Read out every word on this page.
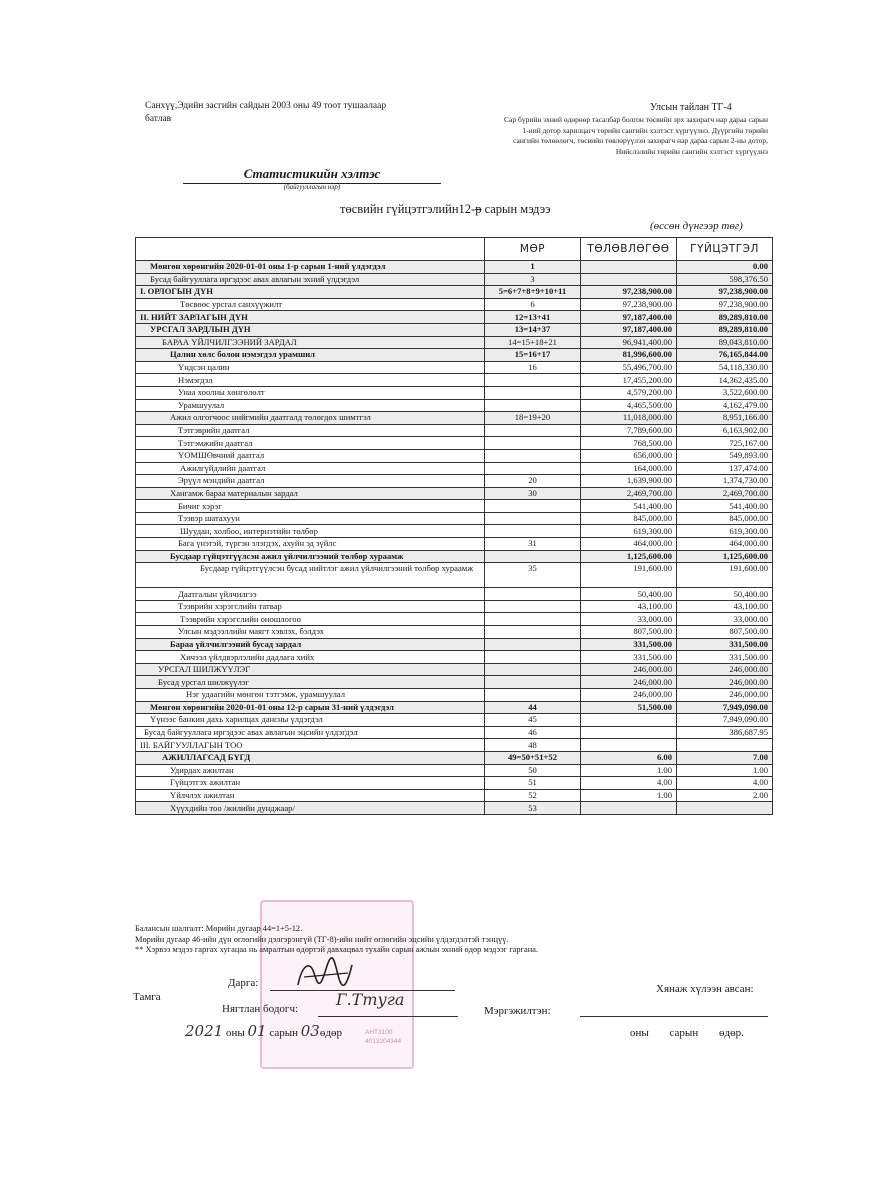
Санхүү,Эдийн засгийн сайдын 2003 оны 49 тоот тушаалаар
батлав
Улсын тайлан ТГ-4
Сар бүрийн эхний өдөрөөр тасалбар болгон төсвийн эрх захирагч нар дараа сарын
1-ний дотор харилцагч төрийн сангийн хэлтэст хүргүүлнэ. Дүүргийн төрийн
сангийн төлөөлөгч, төсвийн төвлөрүүлэн захирагч нар дараа сарын 2-ны дотор,
Нийслэлийн төрийн сангийн хэлтэст хүргүүлнэ
Статистикийн хэлтэс
(байгууллагын нэр)
төсвийн гүйцэтгэлийн12-р сарын мэдээ
(өссөн дүнгээр төг)
	МӨР	ТӨЛӨВЛӨГӨӨ	ГҮЙЦЭТГЭЛ
Мөнгөн хөрөнгийн 2020-01-01 оны 1-р сарын 1-ний үлдэгдэл	1		0.00
Бусад байгууллага иргэдээс авах авлагын эхний үлдэгдэл	3		598,376.50
I. ОРЛОГЫН ДҮН	5=6+7+8+9+10+11	97,238,900.00	97,238,900.00
Төсвөөс урсгал санхүүжилт	6	97,238,900.00	97,238,900.00
II. НИЙТ ЗАРЛАГЫН ДҮН	12=13+41	97,187,400.00	89,289,810.00
УРСГАЛ ЗАРДЛЫН ДҮН	13=14+37	97,187,400.00	89,289,810.00
БАРАА ҮЙЛЧИЛГЭЭНИЙ ЗАРДАЛ	14=15+18+21	96,941,400.00	89,043,810.00
Цалин хөлс болон нэмэгдэл урамшил	15=16+17	81,996,600.00	76,165,844.00
Үндсэн цалин	16	55,496,700.00	54,118,330.00
Нэмэгдэл		17,455,200.00	14,362,435.00
Унаа хоолны хөнгөлөлт		4,579,200.00	3,522,600.00
Урамшуулал		4,465,500.00	4,162,479.00
Ажил олгогчоос нийгмийн даатгалд төлөгдөх шимтгэл	18=19+20	11,018,000.00	8,951,166.00
Тэтгэврийн даатгал		7,789,600.00	6,163,902.00
Тэтгэмжийн даатгал		768,500.00	725,167.00
ҮОМШӨвчний даатгал		656,000.00	549,893.00
Ажилгүйдлийн даатгал		164,000.00	137,474.00
Эрүүл мэндийн даатгал	20	1,639,900.00	1,374,730.00
Хангамж бараа материалын зардал	30	2,469,700.00	2,469,700.00
Бичиг хэрэг		541,400.00	541,400.00
Тээвэр шатахуун		845,000.00	845,000.00
Шуудан, холбоо, интернэтийн төлбөр		619,300.00	619,300.00
Бага үнэтэй, түргэн элэгдэх, ахуйн эд зүйлс	31	464,000.00	464,000.00
Бусдаар гүйцэтгүүлсэн ажил үйлчилгээний төлбөр хураамж		1,125,600.00	1,125,600.00
Бусдаар гүйцэтгүүлсэн бусад нийтлэг ажил үйлчилгээний төлбөр хураамж	35	191,600.00	191,600.00
Даатгалын үйлчилгээ		50,400.00	50,400.00
Тээврийн хэрэгслийн татвар		43,100.00	43,100.00
Тээврийн хэрэгслийн оношлогоо		33,000.00	33,000.00
Улсын мэдээллийн маягт хэвлэх, бэлдэх		807,500.00	807,500.00
Бараа үйлчилгээний бусад зардал		331,500.00	331,500.00
Хичээл үйлдвэрлэлийн дадлага хийх		331,500.00	331,500.00
УРСГАЛ ШИЛЖҮҮЛЭГ		246,000.00	246,000.00
Бусад урсгал шилжүүлэг		246,000.00	246,000.00
Нэг удаагийн мөнгөн тэтгэмж, урамшуулал		246,000.00	246,000.00
Мөнгөн хөрөнгийн 2020-01-01 оны 12-р сарын 31-ний үлдэгдэл	44	51,500.00	7,949,090.00
Үүнээс банкин дахь харилцах дансны үлдэгдэл	45		7,949,090.00
Бусад байгууллага иргэдээс авах авлагын эцсийн үлдэгдэл	46		386,687.95
III. БАЙГУУЛЛАГЫН ТОО	48		
АЖИЛЛАГСАД БҮГД	49=50+51+52	6.00	7.00
Удирдах ажилтан	50	1.00	1.00
Гүйцэтгэх ажилтан	51	4.00	4.00
Үйлчлэх ажилтан	52	1.00	2.00
Хүүхдийн тоо /жилийн дунджаар/	53		
АНТ3100
4013204344
Балансын шалгалт: Мөрийн дугаар 44=1+5-12.
Мөрийн дугаар 46-ийн дүн өглөгийн дэлгэрэнгүй (ТГ-8)-ийн нийт өглөгийн эцсийн үлдэгдэлтэй тэнцүү.
** Хэрвээ мэдээ гаргах хугацаа нь амралтын өдөртэй давхацвал тухайн сарын ажлын эхний өдөр мэдээг гаргана.
Дарга:
Тамга
Нягтлан бодогч: Г.Ттуга
2021 оны 01 сарын 03өдөр
Хянаж хүлээн авсан:
Мэргэжилтэн:
оны сарын өдөр.
